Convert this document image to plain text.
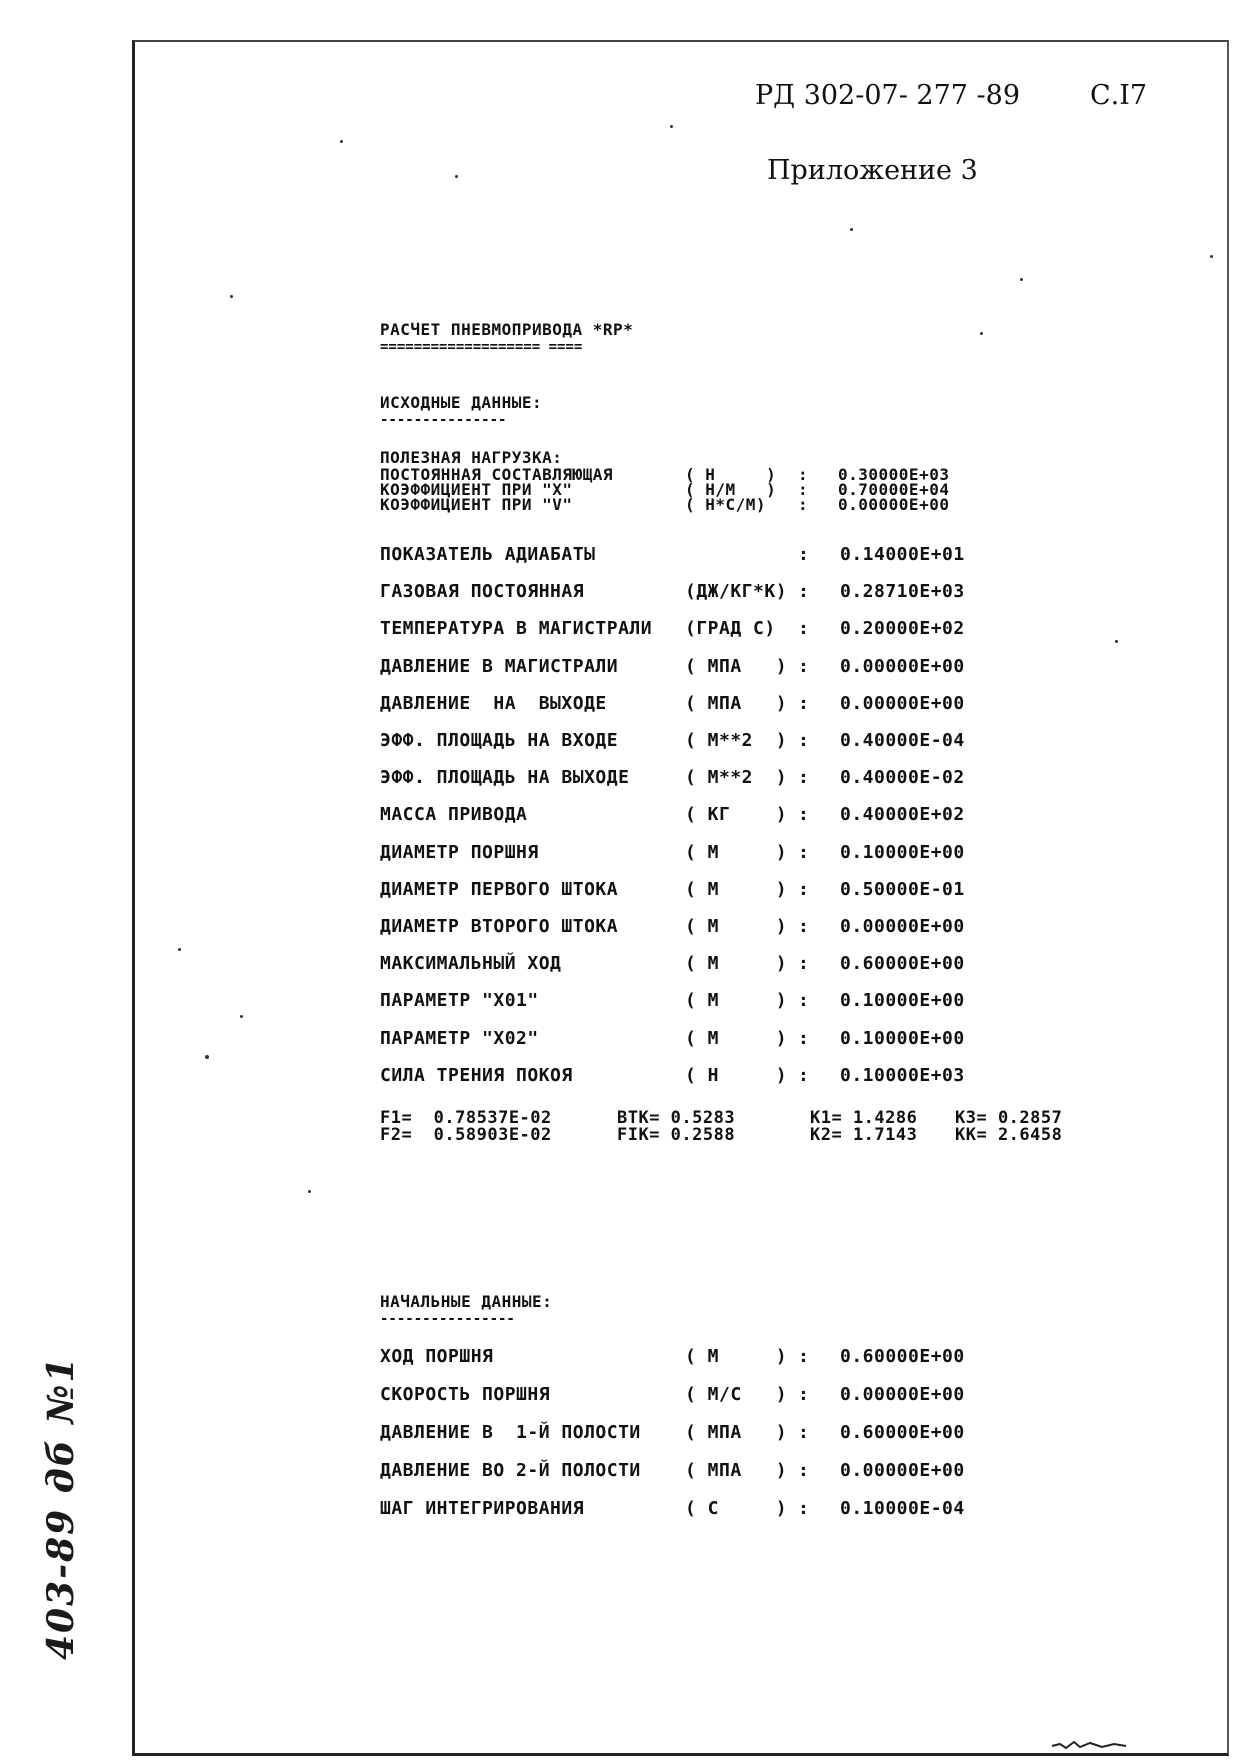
РД 302-07- 277 -89	С.I7
Приложение 3
РАСЧЕТ ПНЕВМОПРИВОДА *RP*
=================== ====
ИСХОДНЫЕ ДАННЫЕ:
---------------
ПОЛЕЗНАЯ НАГРУЗКА:
ПОСТОЯННАЯ СОСТАВЛЯЮЩАЯ	( Н     ) : 0.30000E+03
КОЭФФИЦИЕНТ ПРИ "X"	( Н/М   ) : 0.70000E+04
КОЭФФИЦИЕНТ ПРИ "V"	( Н*С/М) : 0.00000E+00
ПОКАЗАТЕЛЬ АДИАБАТЫ	: 0.14000E+01
ГАЗОВАЯ ПОСТОЯННАЯ	(ДЖ/КГ*К) : 0.28710E+03
ТЕМПЕРАТУРА В МАГИСТРАЛИ (ГРАД С) : 0.20000E+02
ДАВЛЕНИЕ В МАГИСТРАЛИ	( МПА   ) : 0.00000E+00
ДАВЛЕНИЕ  НА  ВЫХОДЕ	( МПА   ) : 0.00000E+00
ЭФФ. ПЛОЩАДЬ НА ВХОДЕ	( М**2  ) : 0.40000E-04
ЭФФ. ПЛОЩАДЬ НА ВЫХОДЕ	( М**2  ) : 0.40000E-02
МАССА ПРИВОДА	( КГ    ) : 0.40000E+02
ДИАМЕТР ПОРШНЯ	( М     ) : 0.10000E+00
ДИАМЕТР ПЕРВОГО ШТОКА	( М     ) : 0.50000E-01
ДИАМЕТР ВТОРОГО ШТОКА	( М     ) : 0.00000E+00
МАКСИМАЛЬНЫЙ ХОД	( М     ) : 0.60000E+00
ПАРАМЕТР "X01"	( М     ) : 0.10000E+00
ПАРАМЕТР "X02"	( М     ) : 0.10000E+00
СИЛА ТРЕНИЯ ПОКОЯ	( Н     ) : 0.10000E+03
F1=  0.78537E-02	BTK= 0.5283	K1= 1.4286 K3= 0.2857
F2=  0.58903E-02	FIK= 0.2588	K2= 1.7143 KK= 2.6458
НАЧАЛЬНЫЕ ДАННЫЕ:
----------------
ХОД ПОРШНЯ	( М     ) : 0.60000E+00
СКОРОСТЬ ПОРШНЯ	( М/С   ) : 0.00000E+00
ДАВЛЕНИЕ В  1-Й ПОЛОСТИ ( МПА   ) : 0.60000E+00
ДАВЛЕНИЕ ВО 2-Й ПОЛОСТИ ( МПА   ) : 0.00000E+00
ШАГ ИНТЕГРИРОВАНИЯ	( С     ) : 0.10000E-04
403-89 дб №1
